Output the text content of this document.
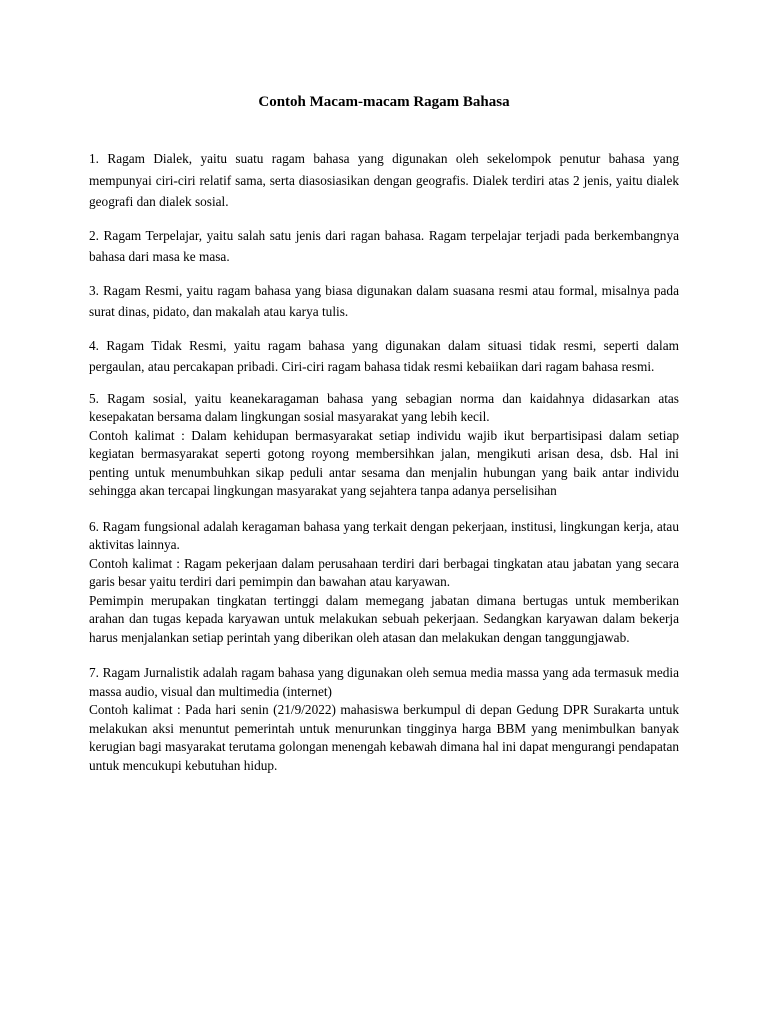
Contoh Macam-macam Ragam Bahasa

1. Ragam Dialek, yaitu suatu ragam bahasa yang digunakan oleh sekelompok penutur bahasa yang mempunyai ciri-ciri relatif sama, serta diasosiasikan dengan geografis. Dialek terdiri atas 2 jenis, yaitu dialek geografi dan dialek sosial.

2. Ragam Terpelajar, yaitu salah satu jenis dari ragan bahasa. Ragam terpelajar terjadi pada berkembangnya bahasa dari masa ke masa.

3. Ragam Resmi, yaitu ragam bahasa yang biasa digunakan dalam suasana resmi atau formal, misalnya pada surat dinas, pidato, dan makalah atau karya tulis.

4. Ragam Tidak Resmi, yaitu ragam bahasa yang digunakan dalam situasi tidak resmi, seperti dalam pergaulan, atau percakapan pribadi. Ciri-ciri ragam bahasa tidak resmi kebaiikan dari ragam bahasa resmi.

5. Ragam sosial, yaitu keanekaragaman bahasa yang sebagian norma dan kaidahnya didasarkan atas kesepakatan bersama dalam lingkungan sosial masyarakat yang lebih kecil.

Contoh kalimat : Dalam kehidupan bermasyarakat setiap individu wajib ikut berpartisipasi dalam setiap kegiatan bermasyarakat seperti gotong royong membersihkan jalan, mengikuti arisan desa, dsb. Hal ini penting untuk menumbuhkan sikap peduli antar sesama dan menjalin hubungan yang baik antar individu sehingga akan tercapai lingkungan masyarakat yang sejahtera tanpa adanya perselisihan

6. Ragam fungsional adalah keragaman bahasa yang terkait dengan pekerjaan, institusi, lingkungan kerja, atau aktivitas lainnya.

Contoh kalimat : Ragam pekerjaan dalam perusahaan terdiri dari berbagai tingkatan atau jabatan yang secara garis besar yaitu terdiri dari pemimpin dan bawahan atau karyawan.

Pemimpin merupakan tingkatan tertinggi dalam memegang jabatan dimana bertugas untuk memberikan arahan dan tugas kepada karyawan untuk melakukan sebuah pekerjaan. Sedangkan karyawan dalam bekerja harus menjalankan setiap perintah yang diberikan oleh atasan dan melakukan dengan tanggungjawab.

7. Ragam Jurnalistik adalah ragam bahasa yang digunakan oleh semua media massa yang ada termasuk media massa audio, visual dan multimedia (internet)

Contoh kalimat : Pada hari senin (21/9/2022) mahasiswa berkumpul di depan Gedung DPR Surakarta untuk melakukan aksi menuntut pemerintah untuk menurunkan tingginya harga BBM yang menimbulkan banyak kerugian bagi masyarakat terutama golongan menengah kebawah dimana hal ini dapat mengurangi pendapatan untuk mencukupi kebutuhan hidup.
